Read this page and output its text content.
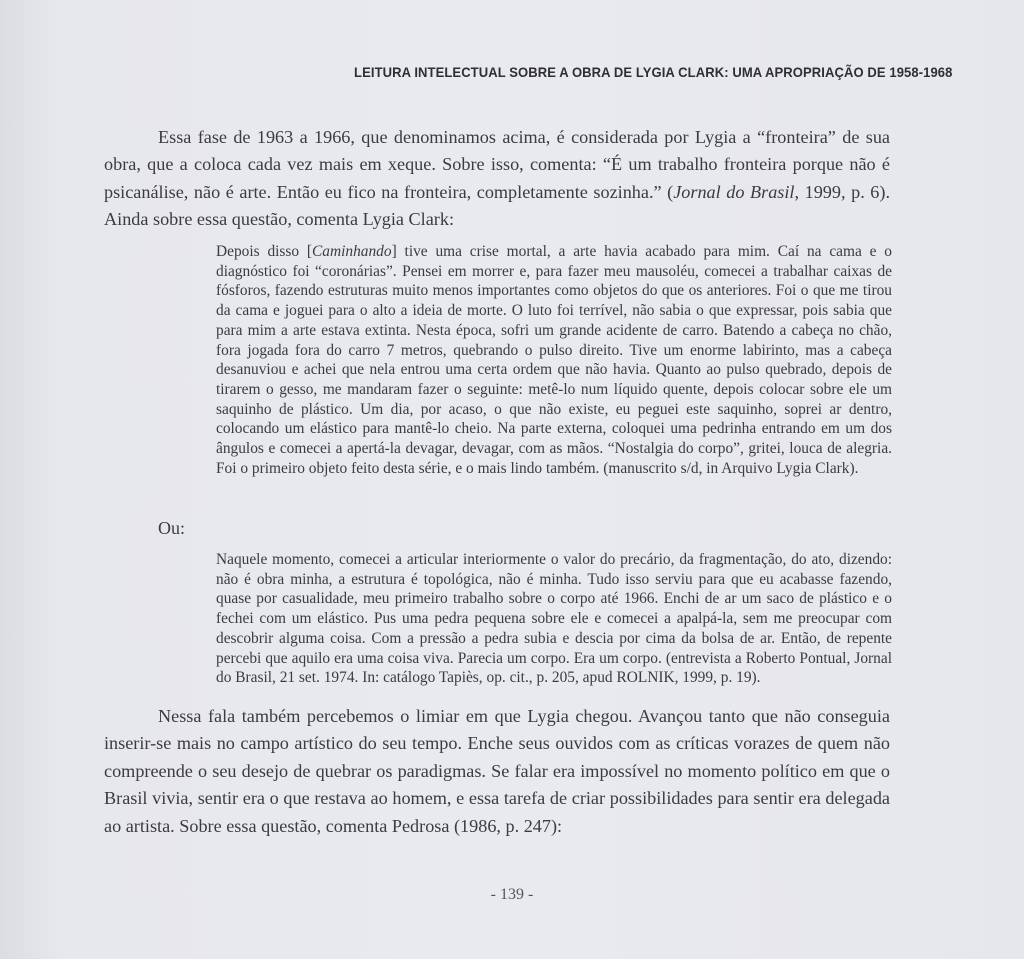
LEITURA INTELECTUAL SOBRE A OBRA DE LYGIA CLARK: UMA APROPRIAÇÃO DE 1958-1968

Essa fase de 1963 a 1966, que denominamos acima, é considerada por Lygia a “fronteira” de sua obra, que a coloca cada vez mais em xeque. Sobre isso, comenta: “É um trabalho fronteira porque não é psicanálise, não é arte. Então eu fico na fronteira, completamente sozinha.” (Jornal do Brasil, 1999, p. 6). Ainda sobre essa questão, comenta Lygia Clark:

Depois disso [Caminhando] tive uma crise mortal, a arte havia acabado para mim. Caí na cama e o diagnóstico foi “coronárias”. Pensei em morrer e, para fazer meu mausoléu, comecei a trabalhar caixas de fósforos, fazendo estruturas muito menos importantes como objetos do que os anteriores. Foi o que me tirou da cama e joguei para o alto a ideia de morte. O luto foi terrível, não sabia o que expressar, pois sabia que para mim a arte estava extinta. Nesta época, sofri um grande acidente de carro. Batendo a cabeça no chão, fora jogada fora do carro 7 metros, quebrando o pulso direito. Tive um enorme labirinto, mas a cabeça desanuviou e achei que nela entrou uma certa ordem que não havia. Quanto ao pulso quebrado, depois de tirarem o gesso, me mandaram fazer o seguinte: metê-lo num líquido quente, depois colocar sobre ele um saquinho de plástico. Um dia, por acaso, o que não existe, eu peguei este saquinho, soprei ar dentro, colocando um elástico para mantê-lo cheio. Na parte externa, coloquei uma pedrinha entrando em um dos ângulos e comecei a apertá-la devagar, devagar, com as mãos. “Nostalgia do corpo”, gritei, louca de alegria. Foi o primeiro objeto feito desta série, e o mais lindo também. (manuscrito s/d, in Arquivo Lygia Clark).

Ou:

Naquele momento, comecei a articular interiormente o valor do precário, da fragmentação, do ato, dizendo: não é obra minha, a estrutura é topológica, não é minha. Tudo isso serviu para que eu acabasse fazendo, quase por casualidade, meu primeiro trabalho sobre o corpo até 1966. Enchi de ar um saco de plástico e o fechei com um elástico. Pus uma pedra pequena sobre ele e comecei a apalpá-la, sem me preocupar com descobrir alguma coisa. Com a pressão a pedra subia e descia por cima da bolsa de ar. Então, de repente percebi que aquilo era uma coisa viva. Parecia um corpo. Era um corpo. (entrevista a Roberto Pontual, Jornal do Brasil, 21 set. 1974. In: catálogo Tapiès, op. cit., p. 205, apud ROLNIK, 1999, p. 19).

Nessa fala também percebemos o limiar em que Lygia chegou. Avançou tanto que não conseguia inserir-se mais no campo artístico do seu tempo. Enche seus ouvidos com as críticas vorazes de quem não compreende o seu desejo de quebrar os paradigmas. Se falar era impossível no momento político em que o Brasil vivia, sentir era o que restava ao homem, e essa tarefa de criar possibilidades para sentir era delegada ao artista. Sobre essa questão, comenta Pedrosa (1986, p. 247):

- 139 -
